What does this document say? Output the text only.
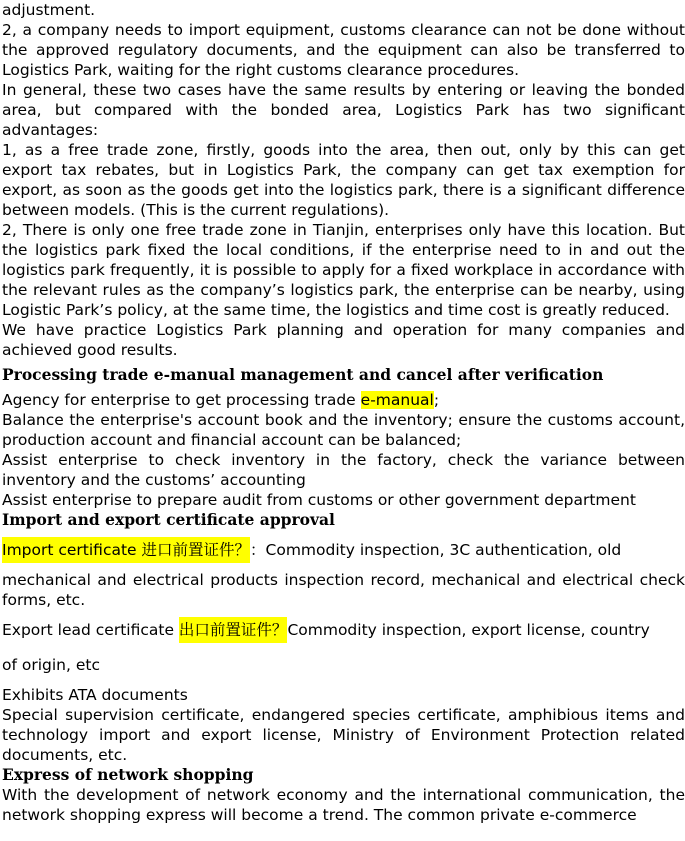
adjustment.

2, a company needs to import equipment, customs clearance can not be done without the approved regulatory documents, and the equipment can also be transferred to Logistics Park, waiting for the right customs clearance procedures.

In general, these two cases have the same results by entering or leaving the bonded area, but compared with the bonded area, Logistics Park has two significant advantages:

1, as a free trade zone, firstly, goods into the area, then out, only by this can get export tax rebates, but in Logistics Park, the company can get tax exemption for export, as soon as the goods get into the logistics park, there is a significant difference between models. (This is the current regulations).

2, There is only one free trade zone in Tianjin, enterprises only have this location. But the logistics park fixed the local conditions, if the enterprise need to in and out the logistics park frequently, it is possible to apply for a fixed workplace in accordance with the relevant rules as the company’s logistics park, the enterprise can be nearby, using Logistic Park’s policy, at the same time, the logistics and time cost is greatly reduced.

We have practice Logistics Park planning and operation for many companies and achieved good results.

Processing trade e-manual management and cancel after verification

Agency for enterprise to get processing trade e-manual;

Balance the enterprise's account book and the inventory; ensure the customs account, production account and financial account can be balanced;

Assist enterprise to check inventory in the factory, check the variance between inventory and the customs’ accounting

Assist enterprise to prepare audit from customs or other government department

Import and export certificate approval

Import certificate 进口前置证件？：Commodity inspection, 3C authentication, old

mechanical and electrical products inspection record, mechanical and electrical check forms, etc.

Export lead certificate 出口前置证件？Commodity inspection, export license, country

of origin, etc

Exhibits ATA documents

Special supervision certificate, endangered species certificate, amphibious items and technology import and export license, Ministry of Environment Protection related documents, etc.

Express of network shopping

With the development of network economy and the international communication, the network shopping express will become a trend. The common private e-commerce
